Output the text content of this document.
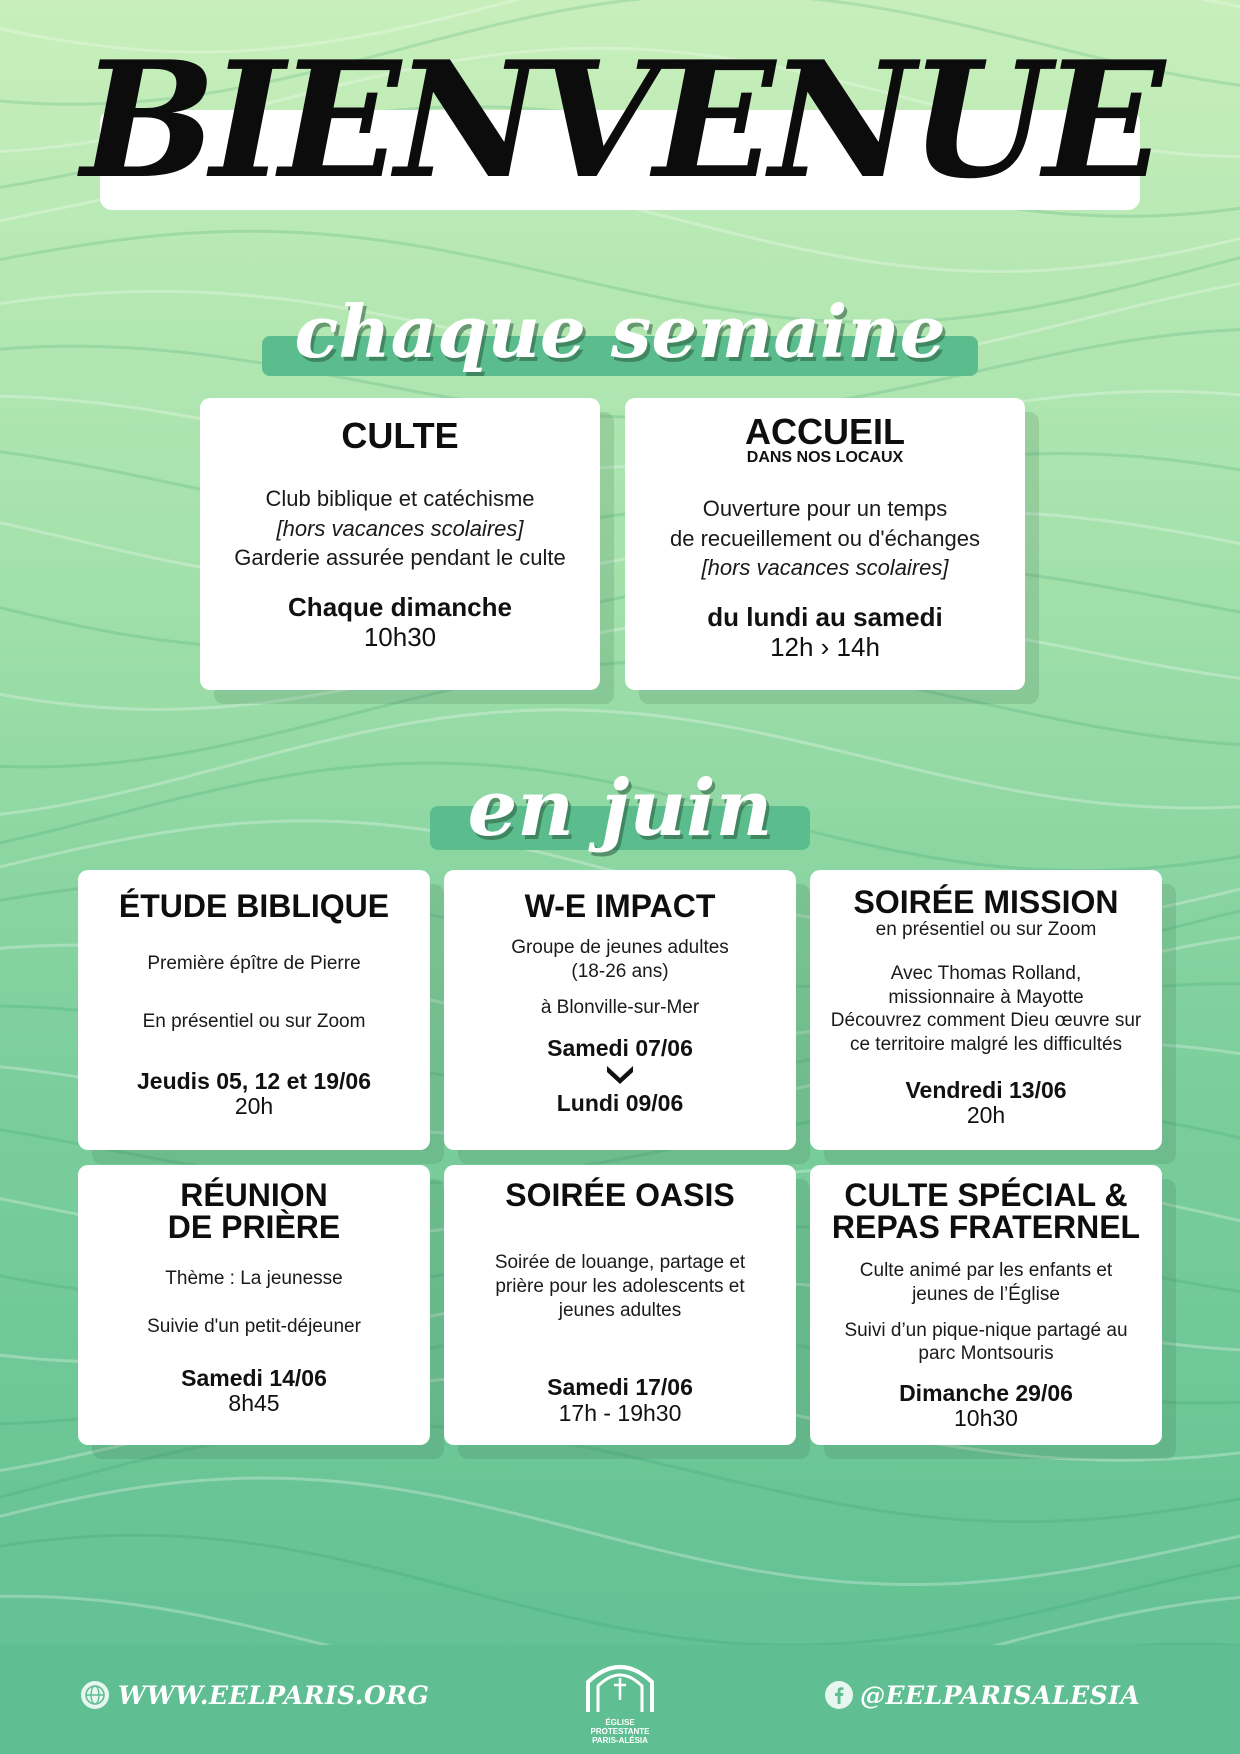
BIENVENUE
chaque semaine
CULTE
Club biblique et catéchisme
[hors vacances scolaires]
Garderie assurée pendant le culte
Chaque dimanche
10h30
ACCUEIL
DANS NOS LOCAUX
Ouverture pour un temps
de recueillement ou d'échanges
[hors vacances scolaires]
du lundi au samedi
12h › 14h
en juin
ÉTUDE BIBLIQUE
Première épître de Pierre
En présentiel ou sur Zoom
Jeudis 05, 12 et 19/06
20h
W-E IMPACT
Groupe de jeunes adultes
(18-26 ans)
à Blonville-sur-Mer
Samedi 07/06
Lundi 09/06
SOIRÉE MISSION
en présentiel ou sur Zoom
Avec Thomas Rolland,
missionnaire à Mayotte
Découvrez comment Dieu œuvre sur
ce territoire malgré les difficultés
Vendredi 13/06
20h
RÉUNION
DE PRIÈRE
Thème : La jeunesse
Suivie d'un petit-déjeuner
Samedi 14/06
8h45
SOIRÉE OASIS
Soirée de louange, partage et
prière pour les adolescents et
jeunes adultes
Samedi 17/06
17h - 19h30
CULTE SPÉCIAL &
REPAS FRATERNEL
Culte animé par les enfants et
jeunes de l’Église
Suivi d’un pique-nique partagé au
parc Montsouris
Dimanche 29/06
10h30
WWW.EELPARIS.ORG
ÉGLISE
PROTESTANTE
PARIS-ALÉSIA
@EELPARISALESIA
